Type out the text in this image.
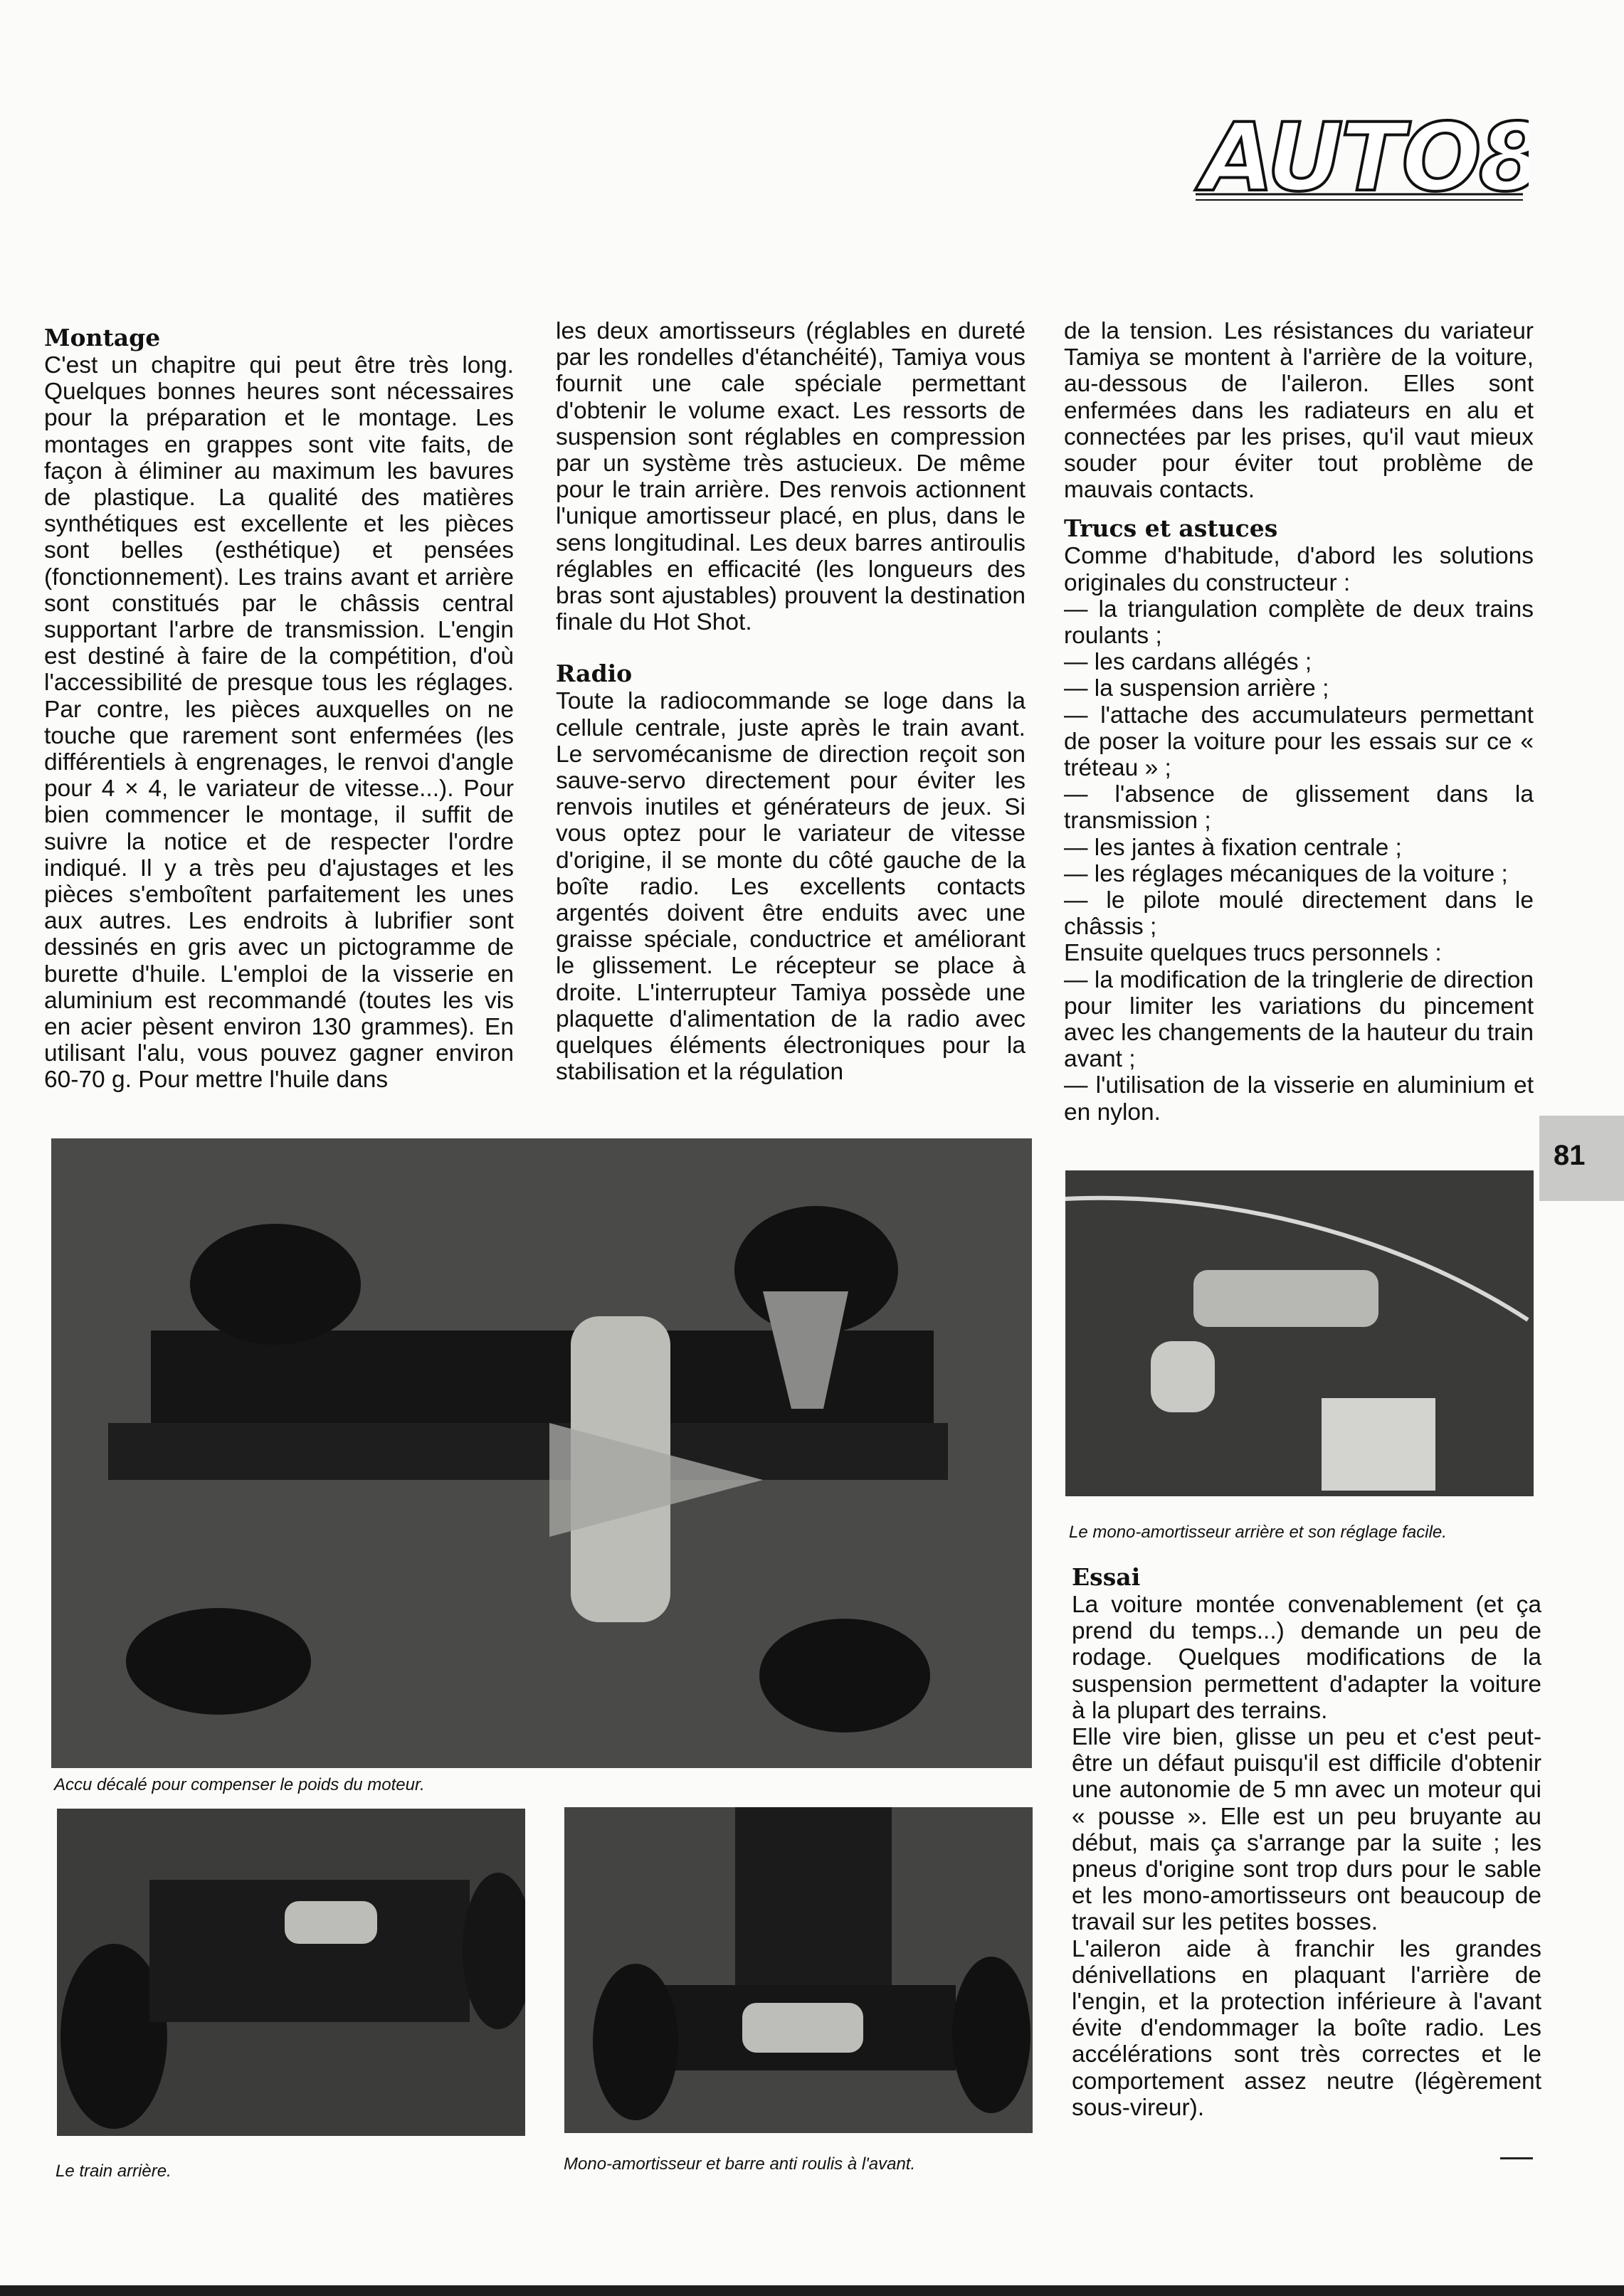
AUTO8
Montage

C'est un chapitre qui peut être très long. Quelques bonnes heures sont nécessaires pour la préparation et le montage. Les montages en grappes sont vite faits, de façon à éliminer au maximum les bavures de plastique. La qualité des matières synthétiques est excellente et les pièces sont belles (esthétique) et pensées (fonctionnement). Les trains avant et arrière sont constitués par le châssis central supportant l'arbre de transmission. L'engin est destiné à faire de la compétition, d'où l'accessibilité de presque tous les réglages. Par contre, les pièces auxquelles on ne touche que rarement sont enfermées (les différentiels à engrenages, le renvoi d'angle pour 4 × 4, le variateur de vitesse...). Pour bien commencer le montage, il suffit de suivre la notice et de respecter l'ordre indiqué. Il y a très peu d'ajustages et les pièces s'emboîtent parfaitement les unes aux autres. Les endroits à lubrifier sont dessinés en gris avec un pictogramme de burette d'huile. L'emploi de la visserie en aluminium est recommandé (toutes les vis en acier pèsent environ 130 grammes). En utilisant l'alu, vous pouvez gagner environ 60-70 g. Pour mettre l'huile dans

les deux amortisseurs (réglables en dureté par les rondelles d'étanchéité), Tamiya vous fournit une cale spéciale permettant d'obtenir le volume exact. Les ressorts de suspension sont réglables en compression par un système très astucieux. De même pour le train arrière. Des renvois actionnent l'unique amortisseur placé, en plus, dans le sens longitudinal. Les deux barres antiroulis réglables en efficacité (les longueurs des bras sont ajustables) prouvent la destination finale du Hot Shot.

Radio

Toute la radiocommande se loge dans la cellule centrale, juste après le train avant. Le servomécanisme de direction reçoit son sauve-servo directement pour éviter les renvois inutiles et générateurs de jeux. Si vous optez pour le variateur de vitesse d'origine, il se monte du côté gauche de la boîte radio. Les excellents contacts argentés doivent être enduits avec une graisse spéciale, conductrice et améliorant le glissement. Le récepteur se place à droite. L'interrupteur Tamiya possède une plaquette d'alimentation de la radio avec quelques éléments électroniques pour la stabilisation et la régulation

de la tension. Les résistances du variateur Tamiya se montent à l'arrière de la voiture, au-dessous de l'aileron. Elles sont enfermées dans les radiateurs en alu et connectées par les prises, qu'il vaut mieux souder pour éviter tout problème de mauvais contacts.

Trucs et astuces

Comme d'habitude, d'abord les solutions originales du constructeur :

— la triangulation complète de deux trains roulants ;

— les cardans allégés ;

— la suspension arrière ;

— l'attache des accumulateurs permettant de poser la voiture pour les essais sur ce « tréteau » ;

— l'absence de glissement dans la transmission ;

— les jantes à fixation centrale ;

— les réglages mécaniques de la voiture ;

— le pilote moulé directement dans le châssis ;

Ensuite quelques trucs personnels :

— la modification de la tringlerie de direction pour limiter les variations du pincement avec les changements de la hauteur du train avant ;

— l'utilisation de la visserie en aluminium et en nylon.

Essai

La voiture montée convenablement (et ça prend du temps...) demande un peu de rodage. Quelques modifications de la suspension permettent d'adapter la voiture à la plupart des terrains.

Elle vire bien, glisse un peu et c'est peut-être un défaut puisqu'il est difficile d'obtenir une autonomie de 5 mn avec un moteur qui « pousse ». Elle est un peu bruyante au début, mais ça s'arrange par la suite ; les pneus d'origine sont trop durs pour le sable et les mono-amortisseurs ont beaucoup de travail sur les petites bosses.

L'aileron aide à franchir les grandes dénivellations en plaquant l'arrière de l'engin, et la protection inférieure à l'avant évite d'endommager la boîte radio. Les accélérations sont très correctes et le comportement assez neutre (légèrement sous-vireur).

81
Accu décalé pour compenser le poids du moteur.
Le mono-amortisseur arrière et son réglage facile.
Le train arrière.	Mono-amortisseur et barre anti roulis à l'avant.
